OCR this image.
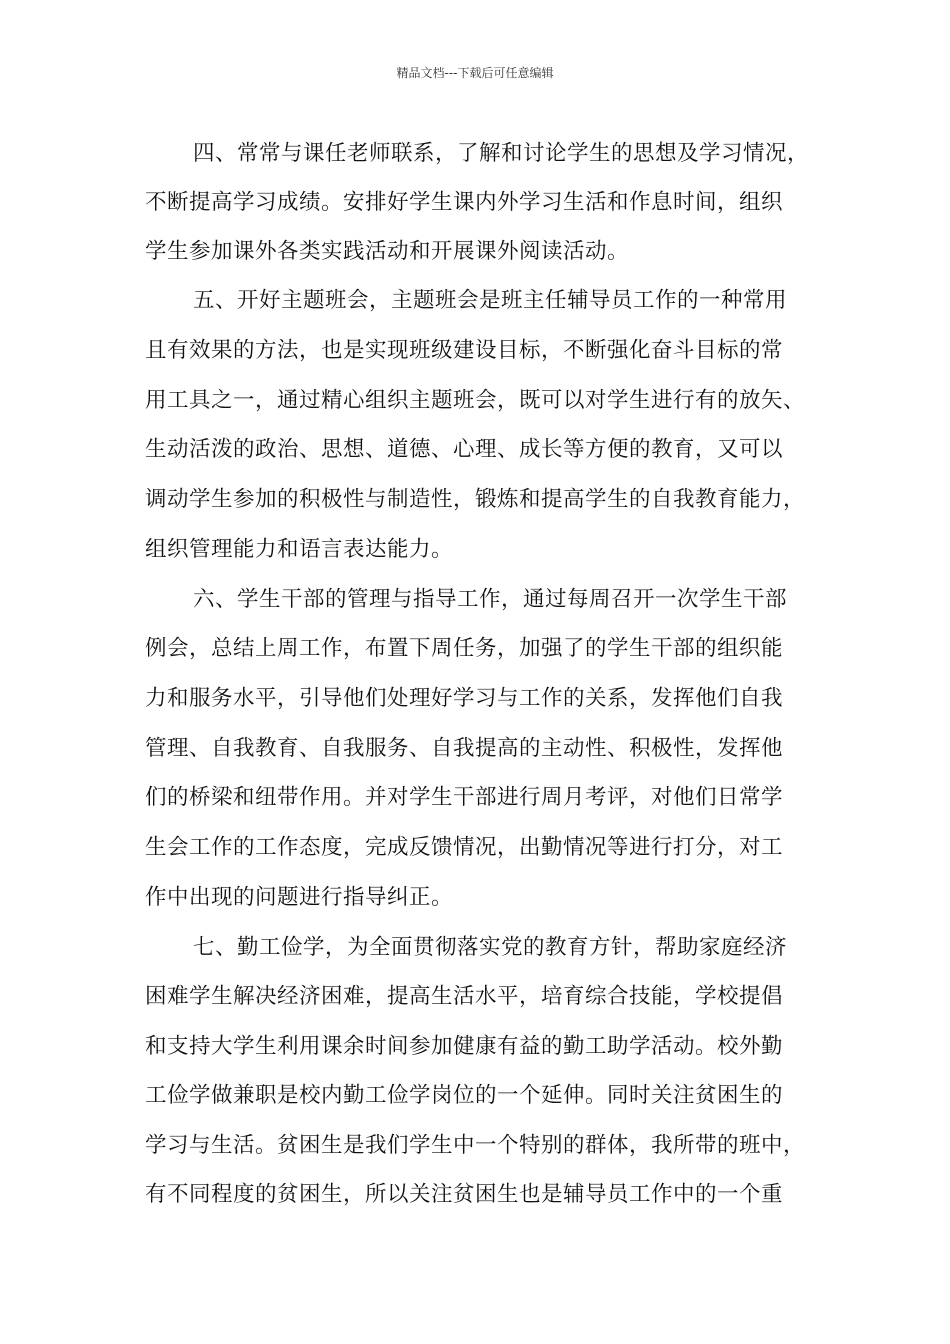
精品文档---下载后可任意编辑
四、常常与课任老师联系，了解和讨论学生的思想及学习情况，
不断提高学习成绩。安排好学生课内外学习生活和作息时间，组织
学生参加课外各类实践活动和开展课外阅读活动。
五、开好主题班会，主题班会是班主任辅导员工作的一种常用
且有效果的方法，也是实现班级建设目标，不断强化奋斗目标的常
用工具之一，通过精心组织主题班会，既可以对学生进行有的放矢、
生动活泼的政治、思想、道德、心理、成长等方便的教育，又可以
调动学生参加的积极性与制造性，锻炼和提高学生的自我教育能力，
组织管理能力和语言表达能力。
六、学生干部的管理与指导工作，通过每周召开一次学生干部
例会，总结上周工作，布置下周任务，加强了的学生干部的组织能
力和服务水平，引导他们处理好学习与工作的关系，发挥他们自我
管理、自我教育、自我服务、自我提高的主动性、积极性，发挥他
们的桥梁和纽带作用。并对学生干部进行周月考评，对他们日常学
生会工作的工作态度，完成反馈情况，出勤情况等进行打分，对工
作中出现的问题进行指导纠正。
七、勤工俭学，为全面贯彻落实党的教育方针，帮助家庭经济
困难学生解决经济困难，提高生活水平，培育综合技能，学校提倡
和支持大学生利用课余时间参加健康有益的勤工助学活动。校外勤
工俭学做兼职是校内勤工俭学岗位的一个延伸。同时关注贫困生的
学习与生活。贫困生是我们学生中一个特别的群体，我所带的班中，
有不同程度的贫困生，所以关注贫困生也是辅导员工作中的一个重
